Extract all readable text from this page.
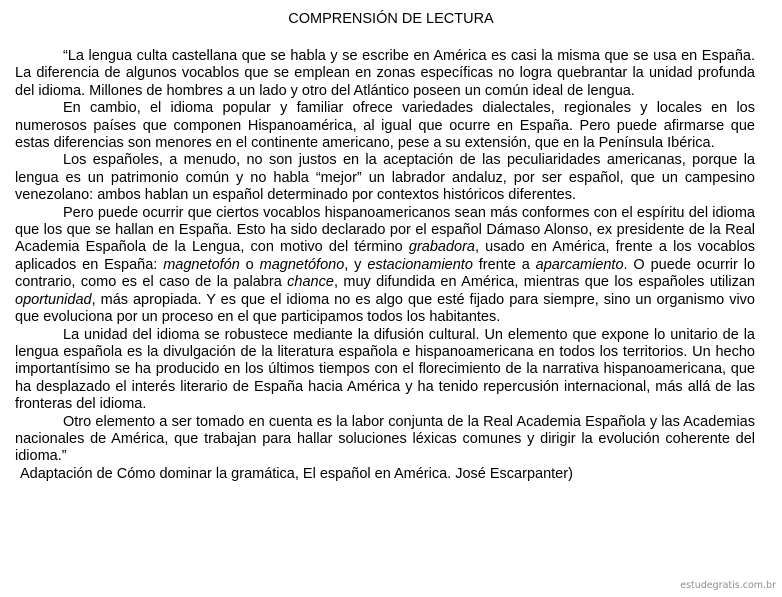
COMPRENSIÓN DE LECTURA

“La lengua culta castellana que se habla y se escribe en América es casi la misma que se usa en España. La diferencia de algunos vocablos que se emplean en zonas específicas no logra quebrantar la unidad profunda del idioma. Millones de hombres a un lado y otro del Atlántico poseen un común ideal de lengua.

En cambio, el idioma popular y familiar ofrece variedades dialectales, regionales y locales en los numerosos países que componen Hispanoamérica, al igual que ocurre en España. Pero puede afirmarse que estas diferencias son menores en el continente americano, pese a su extensión, que en la Península Ibérica.

Los españoles, a menudo, no son justos en la aceptación de las peculiaridades americanas, porque la lengua es un patrimonio común y no habla “mejor” un labrador andaluz, por ser español, que un campesino venezolano: ambos hablan un español determinado por contextos históricos diferentes.

Pero puede ocurrir que ciertos vocablos hispanoamericanos sean más conformes con el espíritu del idioma que los que se hallan en España. Esto ha sido declarado por el español Dámaso Alonso, ex presidente de la Real Academia Española de la Lengua, con motivo del término grabadora, usado en América, frente a los vocablos aplicados en España: magnetofón o magnetófono, y estacionamiento frente a aparcamiento. O puede ocurrir lo contrario, como es el caso de la palabra chance, muy difundida en América, mientras que los españoles utilizan oportunidad, más apropiada. Y es que el idioma no es algo que esté fijado para siempre, sino un organismo vivo que evoluciona por un proceso en el que participamos todos los habitantes.

La unidad del idioma se robustece mediante la difusión cultural. Un elemento que expone lo unitario de la lengua española es la divulgación de la literatura española e hispanoamericana en todos los territorios. Un hecho importantísimo se ha producido en los últimos tiempos con el florecimiento de la narrativa hispanoamericana, que ha desplazado el interés literario de España hacia América y ha tenido repercusión internacional, más allá de las fronteras del idioma.

Otro elemento a ser tomado en cuenta es la labor conjunta de la Real Academia Española y las Academias nacionales de América, que trabajan para hallar soluciones léxicas comunes y dirigir la evolución coherente del idioma.”

Adaptación de Cómo dominar la gramática, El español en América. José Escarpanter)

estudegratis.com.br
